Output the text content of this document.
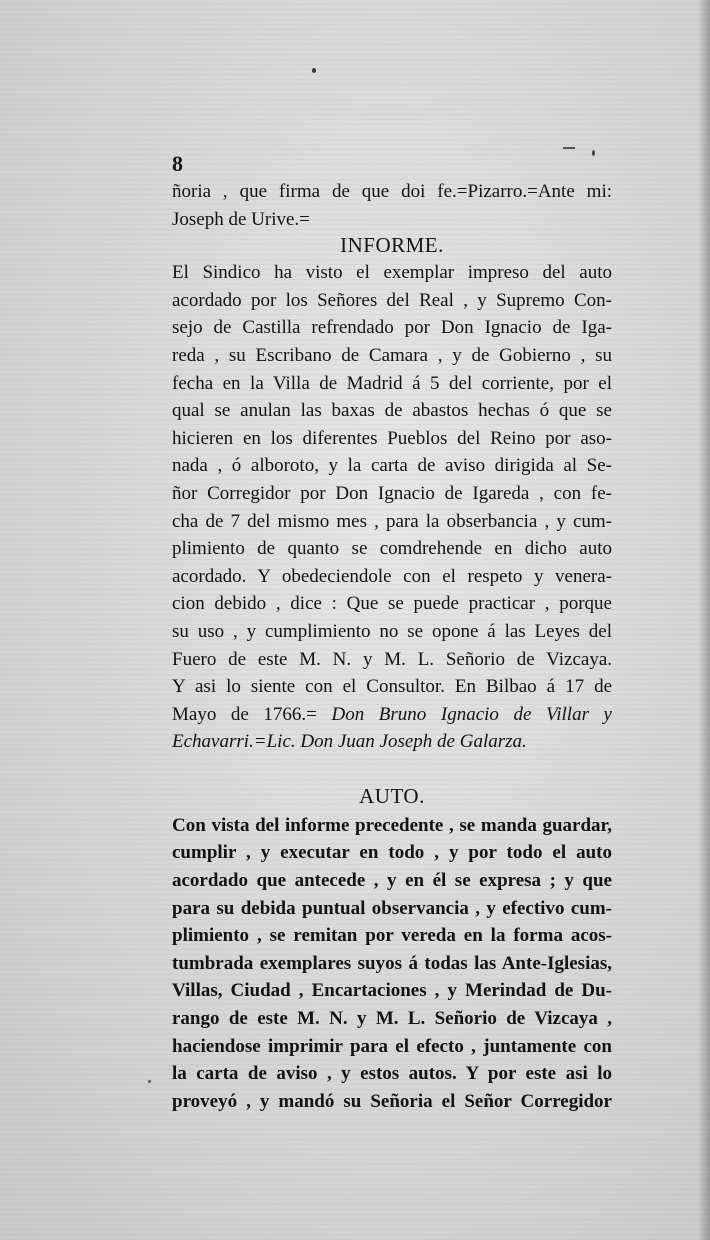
8
ñoria , que firma de que doi fe.=Pizarro.=Ante mi:
Joseph de Urive.=
INFORME.
El Sindico ha visto el exemplar impreso del auto
acordado por los Señores del Real , y Supremo Con-
sejo de Castilla refrendado por Don Ignacio de Iga-
reda , su Escribano de Camara , y de Gobierno , su
fecha en la Villa de Madrid á 5 del corriente, por el
qual se anulan las baxas de abastos hechas ó que se
hicieren en los diferentes Pueblos del Reino por aso-
nada , ó alboroto, y la carta de aviso dirigida al Se-
ñor Corregidor por Don Ignacio de Igareda , con fe-
cha de 7 del mismo mes , para la obserbancia , y cum-
plimiento de quanto se comdrehende en dicho auto
acordado. Y obedeciendole con el respeto y venera-
cion debido , dice : Que se puede practicar , porque
su uso , y cumplimiento no se opone á las Leyes del
Fuero de este M. N. y M. L. Señorio de Vizcaya.
Y asi lo siente con el Consultor. En Bilbao á 17 de
Mayo de 1766.= Don Bruno Ignacio de Villar y
Echavarri.=Lic. Don Juan Joseph de Galarza.
AUTO.
Con vista del informe precedente , se manda guardar,
cumplir , y executar en todo , y por todo el auto
acordado que antecede , y en él se expresa ; y que
para su debida puntual observancia , y efectivo cum-
plimiento , se remitan por vereda en la forma acos-
tumbrada exemplares suyos á todas las Ante-Iglesias,
Villas, Ciudad , Encartaciones , y Merindad de Du-
rango de este M. N. y M. L. Señorio de Vizcaya ,
haciendose imprimir para el efecto , juntamente con
la carta de aviso , y estos autos. Y por este asi lo
proveyó , y mandó su Señoria el Señor Corregidor
